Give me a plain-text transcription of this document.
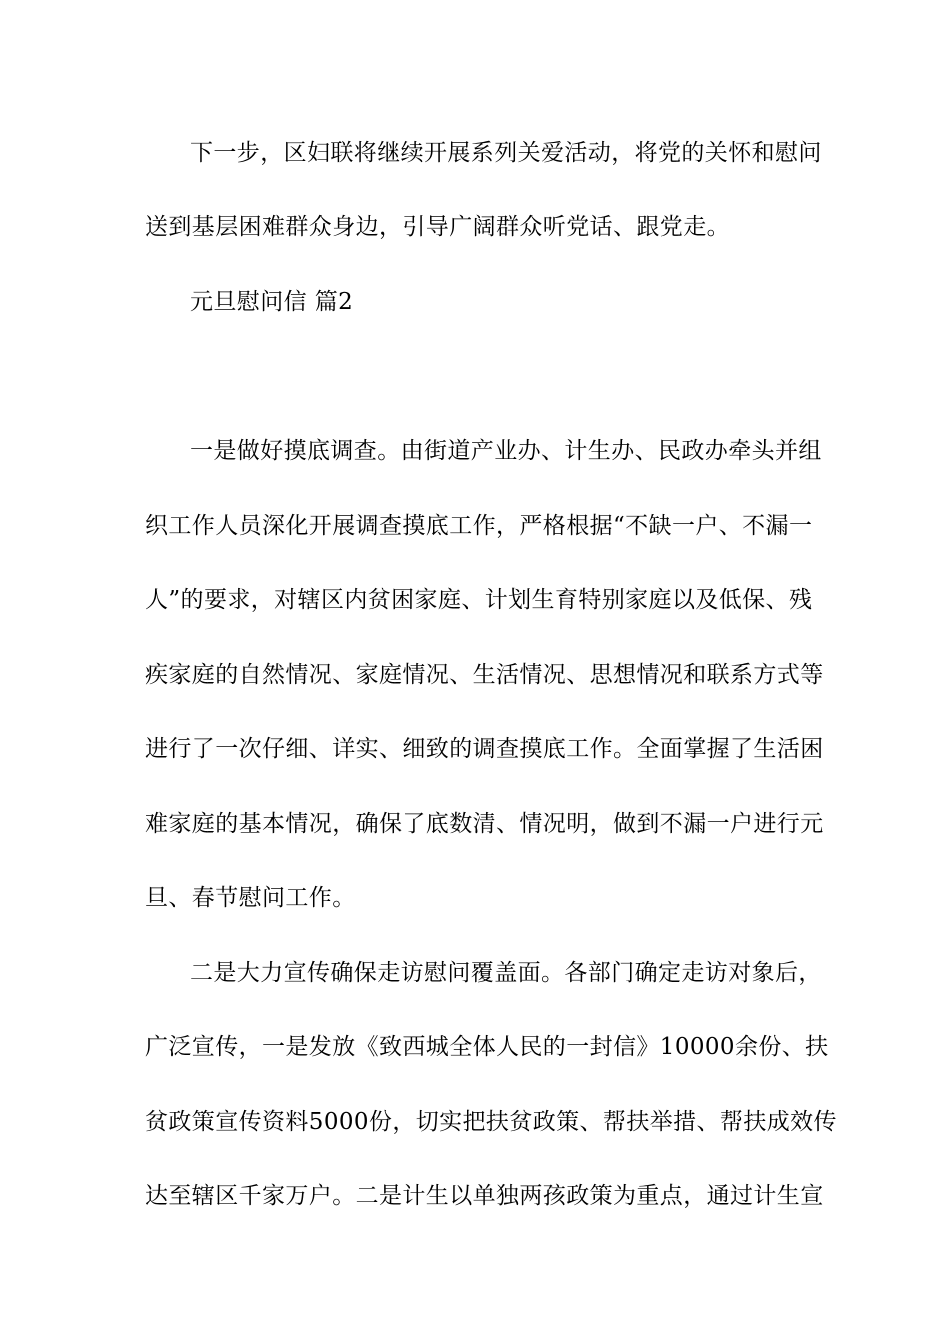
下一步，区妇联将继续开展系列关爱活动，将党的关怀和慰问
送到基层困难群众身边，引导广阔群众听党话、跟党走。
元旦慰问信 篇2
一是做好摸底调查。由街道产业办、计生办、民政办牵头并组
织工作人员深化开展调查摸底工作，严格根据“不缺一户、不漏一
人”的要求，对辖区内贫困家庭、计划生育特别家庭以及低保、残
疾家庭的自然情况、家庭情况、生活情况、思想情况和联系方式等
进行了一次仔细、详实、细致的调查摸底工作。全面掌握了生活困
难家庭的基本情况，确保了底数清、情况明，做到不漏一户进行元
旦、春节慰问工作。
二是大力宣传确保走访慰问覆盖面。各部门确定走访对象后，
广泛宣传，一是发放《致西城全体人民的一封信》10000余份、扶
贫政策宣传资料5000份，切实把扶贫政策、帮扶举措、帮扶成效传
达至辖区千家万户。二是计生以单独两孩政策为重点，通过计生宣
